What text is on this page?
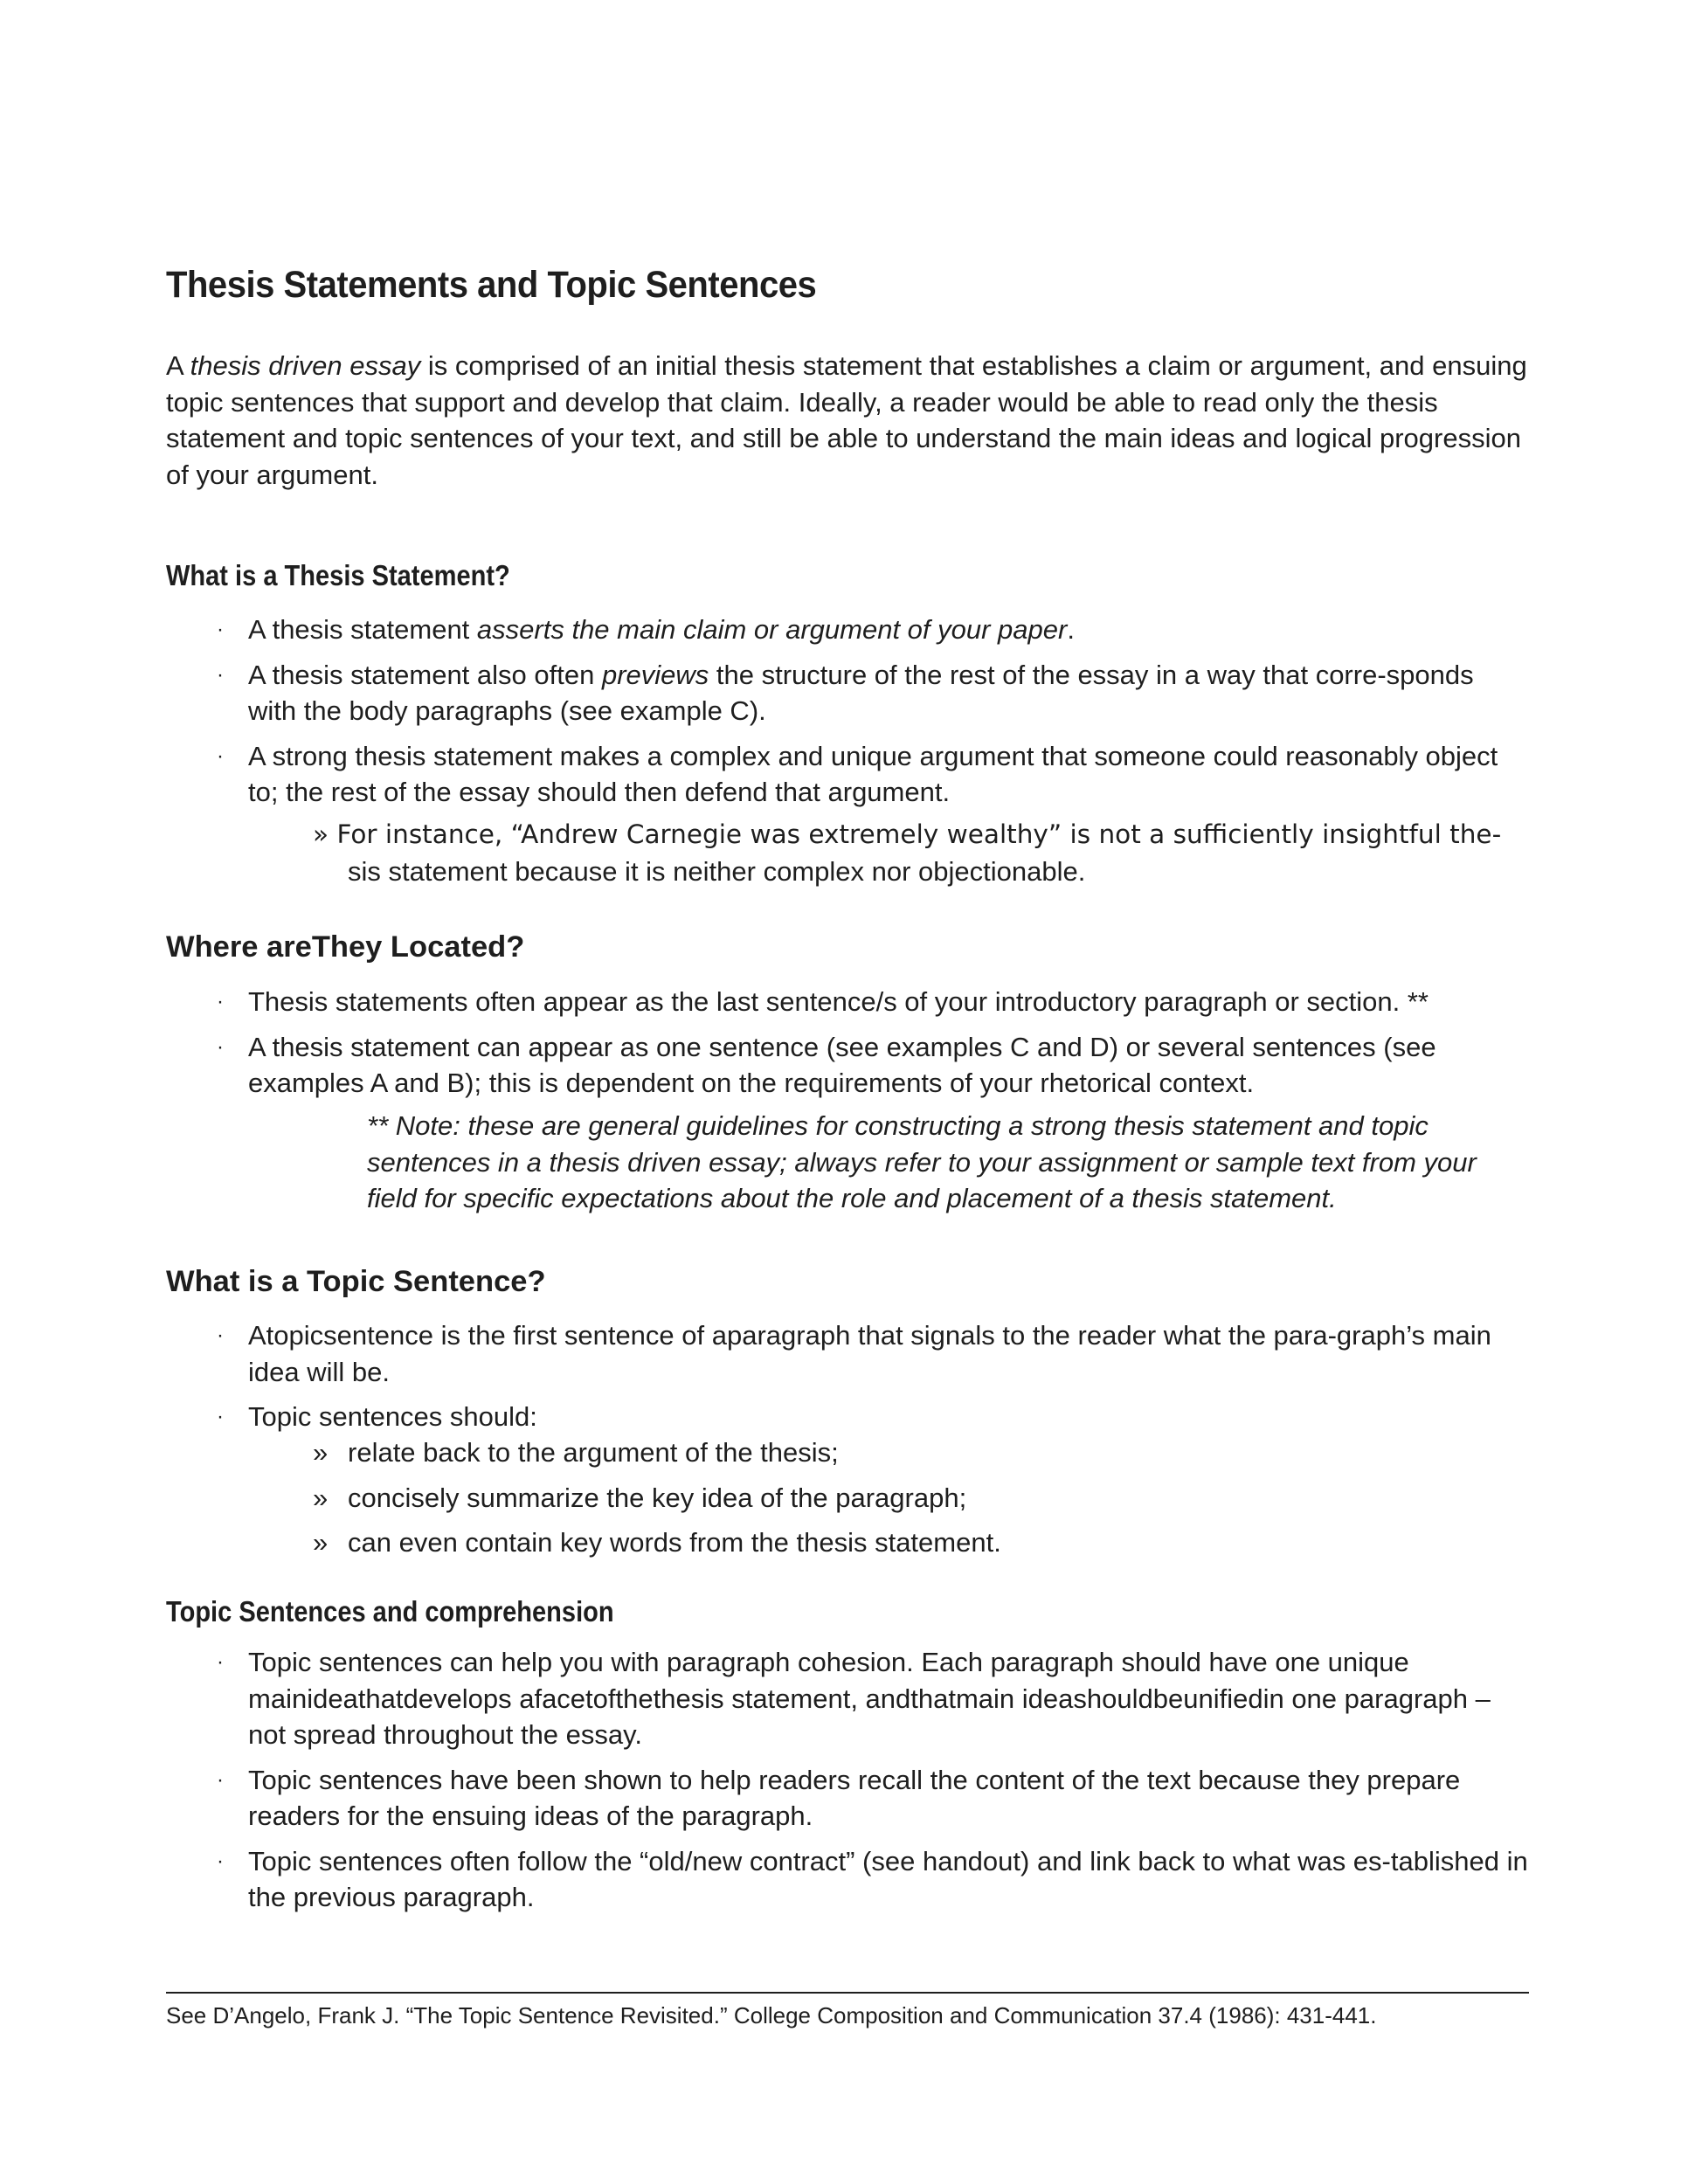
Thesis Statements and Topic Sentences

A thesis driven essay is comprised of an initial thesis statement that establishes a claim or argument, and ensuing topic sentences that support and develop that claim. Ideally, a reader would be able to read only the thesis statement and topic sentences of your text, and still be able to understand the main ideas and logical progression of your argument.

What is a Thesis Statement?
· A thesis statement asserts the main claim or argument of your paper.
· A thesis statement also often previews the structure of the rest of the essay in a way that corre-sponds with the body paragraphs (see example C).
· A strong thesis statement makes a complex and unique argument that someone could reasonably object to; the rest of the essay should then defend that argument.
» For instance, “Andrew Carnegie was extremely wealthy” is not a sufficiently insightful the-
sis statement because it is neither complex nor objectionable.
Where areThey Located?
· Thesis statements often appear as the last sentence/s of your introductory paragraph or section. **
· A thesis statement can appear as one sentence (see examples C and D) or several sentences (see examples A and B); this is dependent on the requirements of your rhetorical context.

** Note: these are general guidelines for constructing a strong thesis statement and topic sentences in a thesis driven essay; always refer to your assignment or sample text from your field for specific expectations about the role and placement of a thesis statement.

What is a Topic Sentence?
· Atopicsentence is the first sentence of aparagraph that signals to the reader what the para-graph’s main idea will be.
· Topic sentences should:
» relate back to the argument of the thesis;
» concisely summarize the key idea of the paragraph;
» can even contain key words from the thesis statement.
Topic Sentences and comprehension
· Topic sentences can help you with paragraph cohesion. Each paragraph should have one unique mainideathatdevelops afacetofthethesis statement, andthatmain ideashouldbeunifiedin one paragraph – not spread throughout the essay.
· Topic sentences have been shown to help readers recall the content of the text because they prepare readers for the ensuing ideas of the paragraph.
· Topic sentences often follow the “old/new contract” (see handout) and link back to what was es-tablished in the previous paragraph.
See D’Angelo, Frank J. “The Topic Sentence Revisited.” College Composition and Communication 37.4 (1986): 431-441.
